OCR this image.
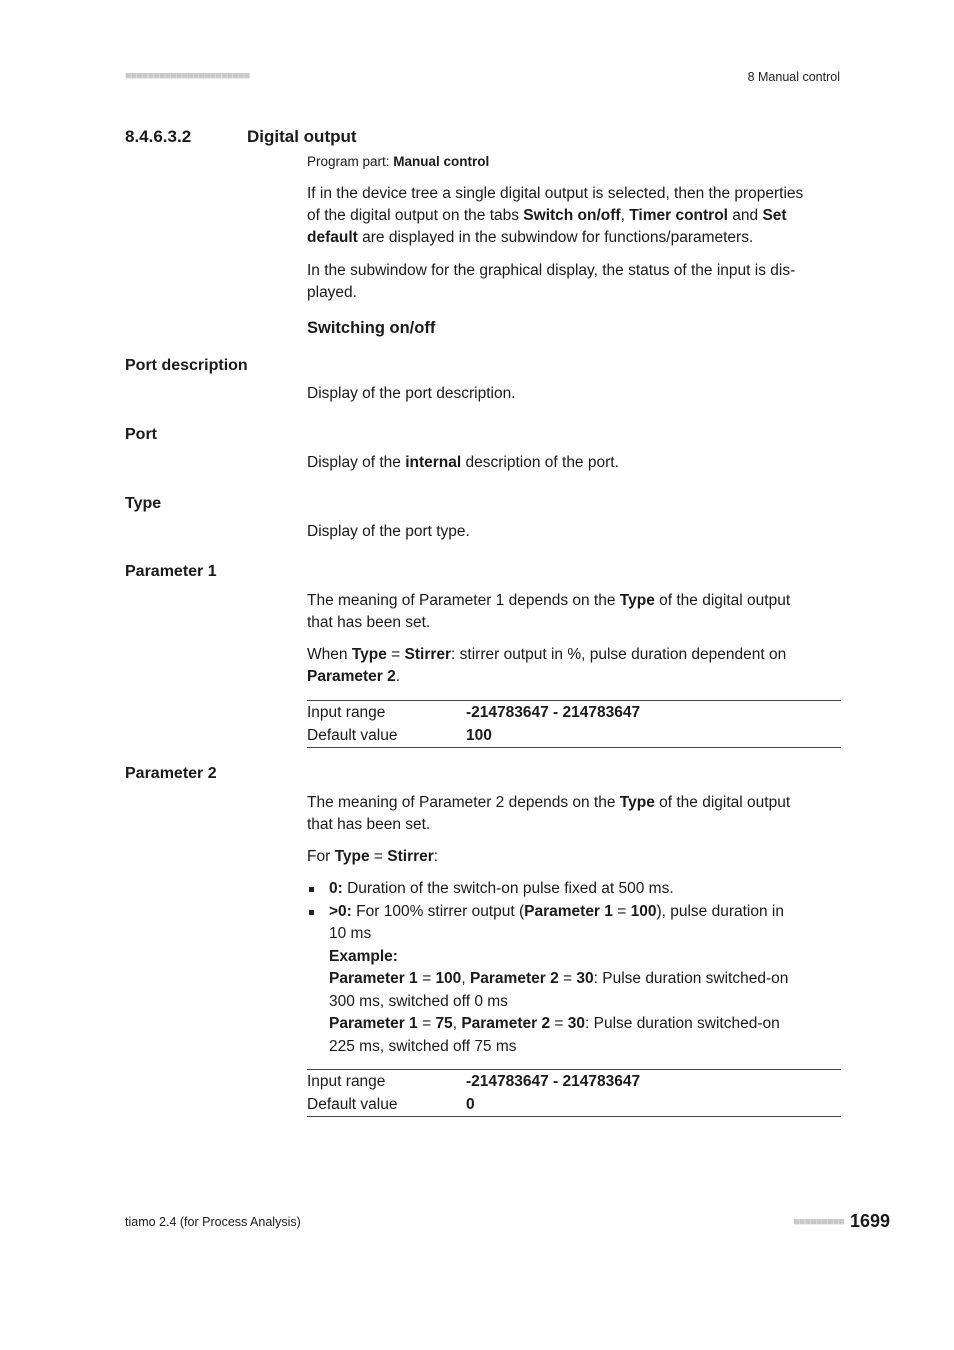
■■■■■■■■■■■■■■■■■■■■■■	8 Manual control
8.4.6.3.2	Digital output
Program part: Manual control
If in the device tree a single digital output is selected, then the properties
of the digital output on the tabs Switch on/off, Timer control and Set
default are displayed in the subwindow for functions/parameters.
In the subwindow for the graphical display, the status of the input is dis-
played.
Switching on/off
Port description
Display of the port description.
Port
Display of the internal description of the port.
Type
Display of the port type.
Parameter 1
The meaning of Parameter 1 depends on the Type of the digital output
that has been set.
When Type = Stirrer: stirrer output in %, pulse duration dependent on
Parameter 2.
Input range	-214783647 - 214783647
Default value	100
Parameter 2
The meaning of Parameter 2 depends on the Type of the digital output
that has been set.
For Type = Stirrer:
0: Duration of the switch-on pulse fixed at 500 ms.
>0: For 100% stirrer output (Parameter 1 = 100), pulse duration in
10 ms
Example:
Parameter 1 = 100, Parameter 2 = 30: Pulse duration switched-on
300 ms, switched off 0 ms
Parameter 1 = 75, Parameter 2 = 30: Pulse duration switched-on
225 ms, switched off 75 ms
Input range	-214783647 - 214783647
Default value	0
tiamo 2.4 (for Process Analysis)	■■■■■■■■■ 1699
